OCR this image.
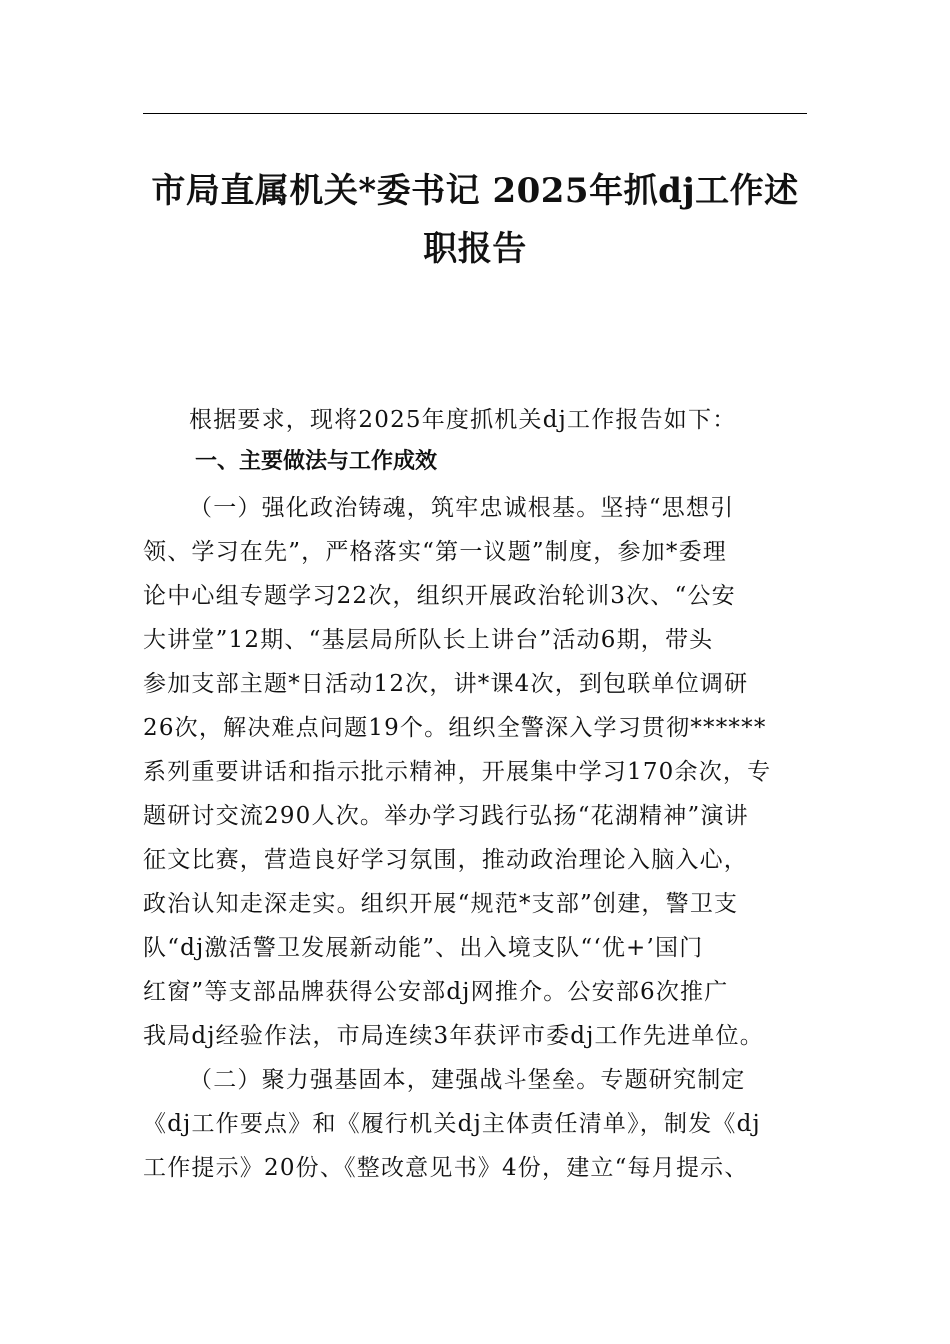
市局直属机关*委书记 2025年抓dj工作述
职报告

根据要求，现将2025年度抓机关dj工作报告如下：

一、主要做法与工作成效
（一）强化政治铸魂，筑牢忠诚根基。坚持“思想引
领、学习在先”，严格落实“第一议题”制度，参加*委理
论中心组专题学习22次，组织开展政治轮训3次、“公安
大讲堂”12期、“基层局所队长上讲台”活动6期，带头
参加支部主题*日活动12次，讲*课4次，到包联单位调研
26次，解决难点问题19个。组织全警深入学习贯彻******
系列重要讲话和指示批示精神，开展集中学习170余次，专
题研讨交流290人次。举办学习践行弘扬“花湖精神”演讲
征文比赛，营造良好学习氛围，推动政治理论入脑入心，
政治认知走深走实。组织开展“规范*支部”创建，警卫支
队“dj激活警卫发展新动能”、出入境支队“‘优+’国门
红窗”等支部品牌获得公安部dj网推介。公安部6次推广
我局dj经验作法，市局连续3年获评市委dj工作先进单位。
（二）聚力强基固本，建强战斗堡垒。专题研究制定
《dj工作要点》和《履行机关dj主体责任清单》，制发《dj
工作提示》20份、《整改意见书》4份，建立“每月提示、
